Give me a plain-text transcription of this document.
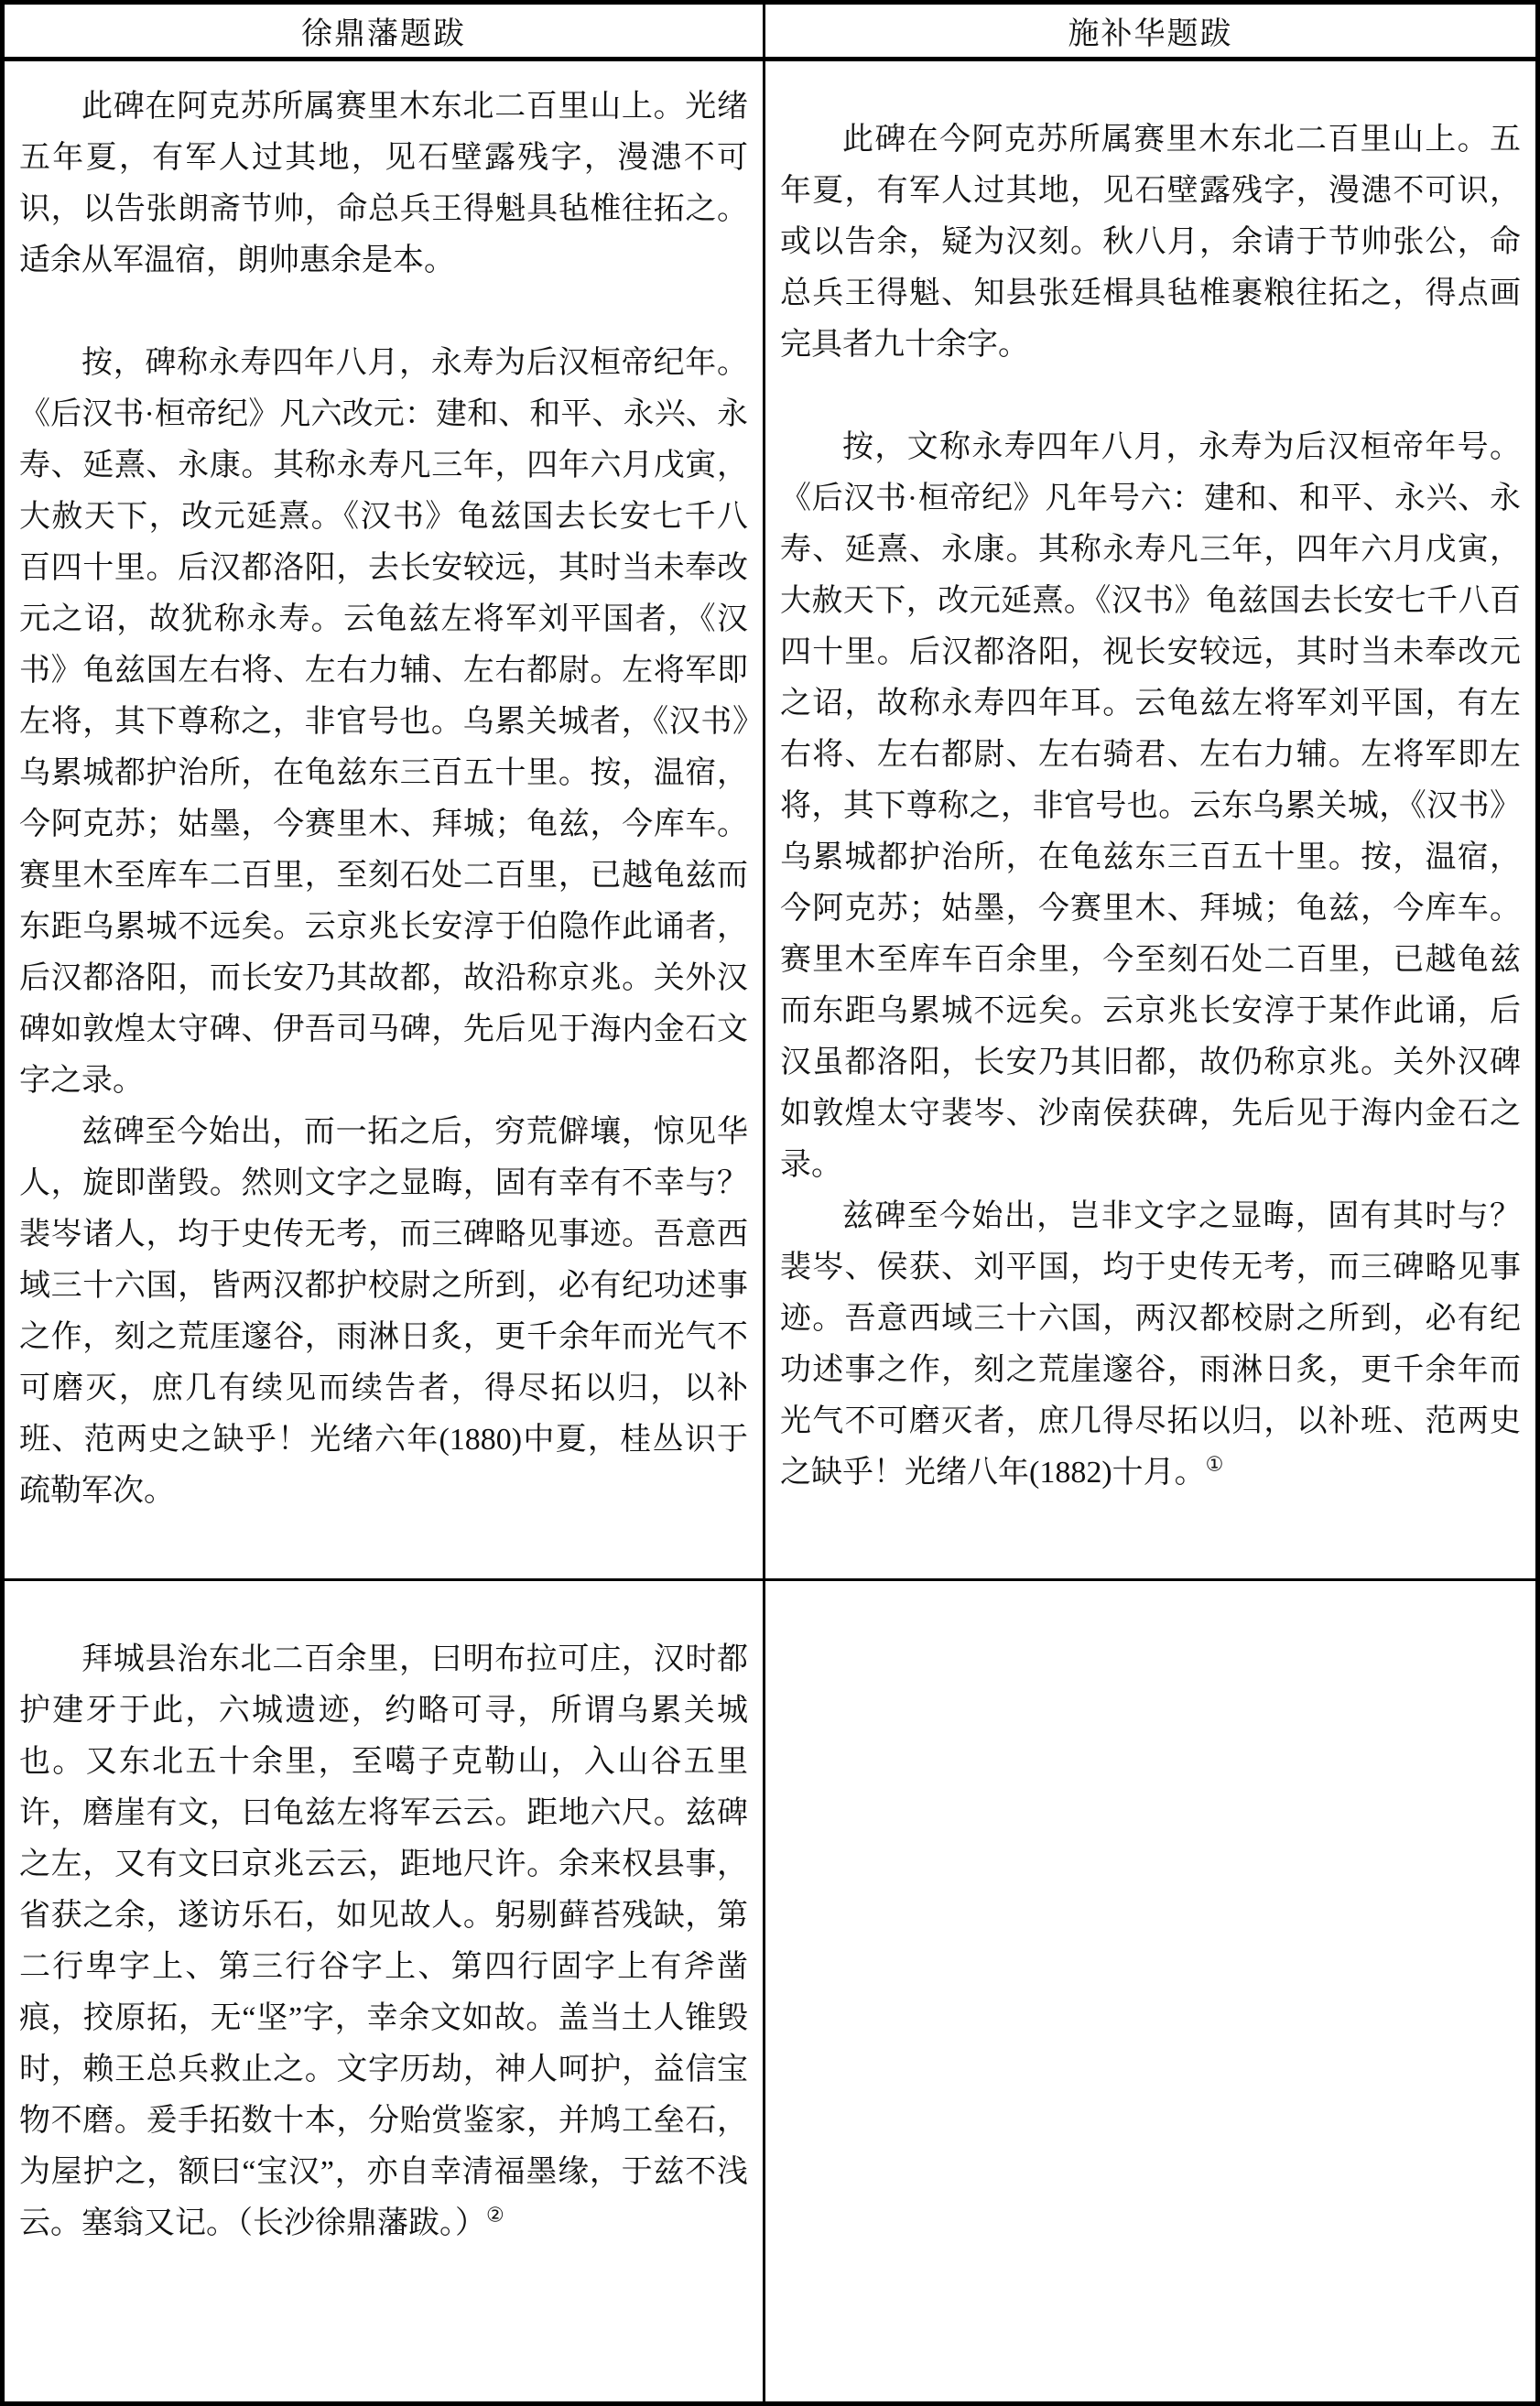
徐鼎藩题跋	施补华题跋

此碑在阿克苏所属赛里木东北二百里山上。光绪五年夏，有军人过其地，见石壁露残字，漫漶不可识，以告张朗斋节帅，命总兵王得魁具毡椎往拓之。适余从军温宿，朗帅惠余是本。

按，碑称永寿四年八月，永寿为后汉桓帝纪年。《后汉书·桓帝纪》凡六改元：建和、和平、永兴、永寿、延熹、永康。其称永寿凡三年，四年六月戊寅，大赦天下，改元延熹。《汉书》龟兹国去长安七千八百四十里。后汉都洛阳，去长安较远，其时当未奉改元之诏，故犹称永寿。云龟兹左将军刘平国者，《汉书》龟兹国左右将、左右力辅、左右都尉。左将军即左将，其下尊称之，非官号也。乌累关城者，《汉书》乌累城都护治所，在龟兹东三百五十里。按，温宿，今阿克苏；姑墨，今赛里木、拜城；龟兹，今库车。赛里木至库车二百里，至刻石处二百里，已越龟兹而东距乌累城不远矣。云京兆长安淳于伯隐作此诵者，后汉都洛阳，而长安乃其故都，故沿称京兆。关外汉碑如敦煌太守碑、伊吾司马碑，先后见于海内金石文字之录。

兹碑至今始出，而一拓之后，穷荒僻壤，惊见华人，旋即凿毁。然则文字之显晦，固有幸有不幸与？裴岑诸人，均于史传无考，而三碑略见事迹。吾意西域三十六国，皆两汉都护校尉之所到，必有纪功述事之作，刻之荒厓邃谷，雨淋日炙，更千余年而光气不可磨灭，庶几有续见而续告者，得尽拓以归，以补班、范两史之缺乎！光绪六年(1880)中夏，桂丛识于疏勒军次。

此碑在今阿克苏所属赛里木东北二百里山上。五年夏，有军人过其地，见石壁露残字，漫漶不可识，或以告余，疑为汉刻。秋八月，余请于节帅张公，命总兵王得魁、知县张廷楫具毡椎裹粮往拓之，得点画完具者九十余字。

按，文称永寿四年八月，永寿为后汉桓帝年号。《后汉书·桓帝纪》凡年号六：建和、和平、永兴、永寿、延熹、永康。其称永寿凡三年，四年六月戊寅，大赦天下，改元延熹。《汉书》龟兹国去长安七千八百四十里。后汉都洛阳，视长安较远，其时当未奉改元之诏，故称永寿四年耳。云龟兹左将军刘平国，有左右将、左右都尉、左右骑君、左右力辅。左将军即左将，其下尊称之，非官号也。云东乌累关城，《汉书》乌累城都护治所，在龟兹东三百五十里。按，温宿，今阿克苏；姑墨，今赛里木、拜城；龟兹，今库车。赛里木至库车百余里，今至刻石处二百里，已越龟兹而东距乌累城不远矣。云京兆长安淳于某作此诵，后汉虽都洛阳，长安乃其旧都，故仍称京兆。关外汉碑如敦煌太守裴岑、沙南侯获碑，先后见于海内金石之录。

兹碑至今始出，岂非文字之显晦，固有其时与？裴岑、侯获、刘平国，均于史传无考，而三碑略见事迹。吾意西域三十六国，两汉都校尉之所到，必有纪功述事之作，刻之荒崖邃谷，雨淋日炙，更千余年而光气不可磨灭者，庶几得尽拓以归，以补班、范两史之缺乎！光绪八年(1882)十月。①

拜城县治东北二百余里，曰明布拉可庄，汉时都护建牙于此，六城遗迹，约略可寻，所谓乌累关城也。又东北五十余里，至噶子克勒山，入山谷五里许，磨崖有文，曰龟兹左将军云云。距地六尺。兹碑之左，又有文曰京兆云云，距地尺许。余来权县事，省获之余，遂访乐石，如见故人。躬剔藓苔残缺，第二行卑字上、第三行谷字上、第四行固字上有斧凿痕，挍原拓，无“坚”字，幸余文如故。盖当土人锥毁时，赖王总兵救止之。文字历劫，神人呵护，益信宝物不磨。爰手拓数十本，分贻赏鉴家，并鸠工垒石，为屋护之，额曰“宝汉”，亦自幸清福墨缘，于兹不浅云。塞翁又记。（长沙徐鼎藩跋。）②
